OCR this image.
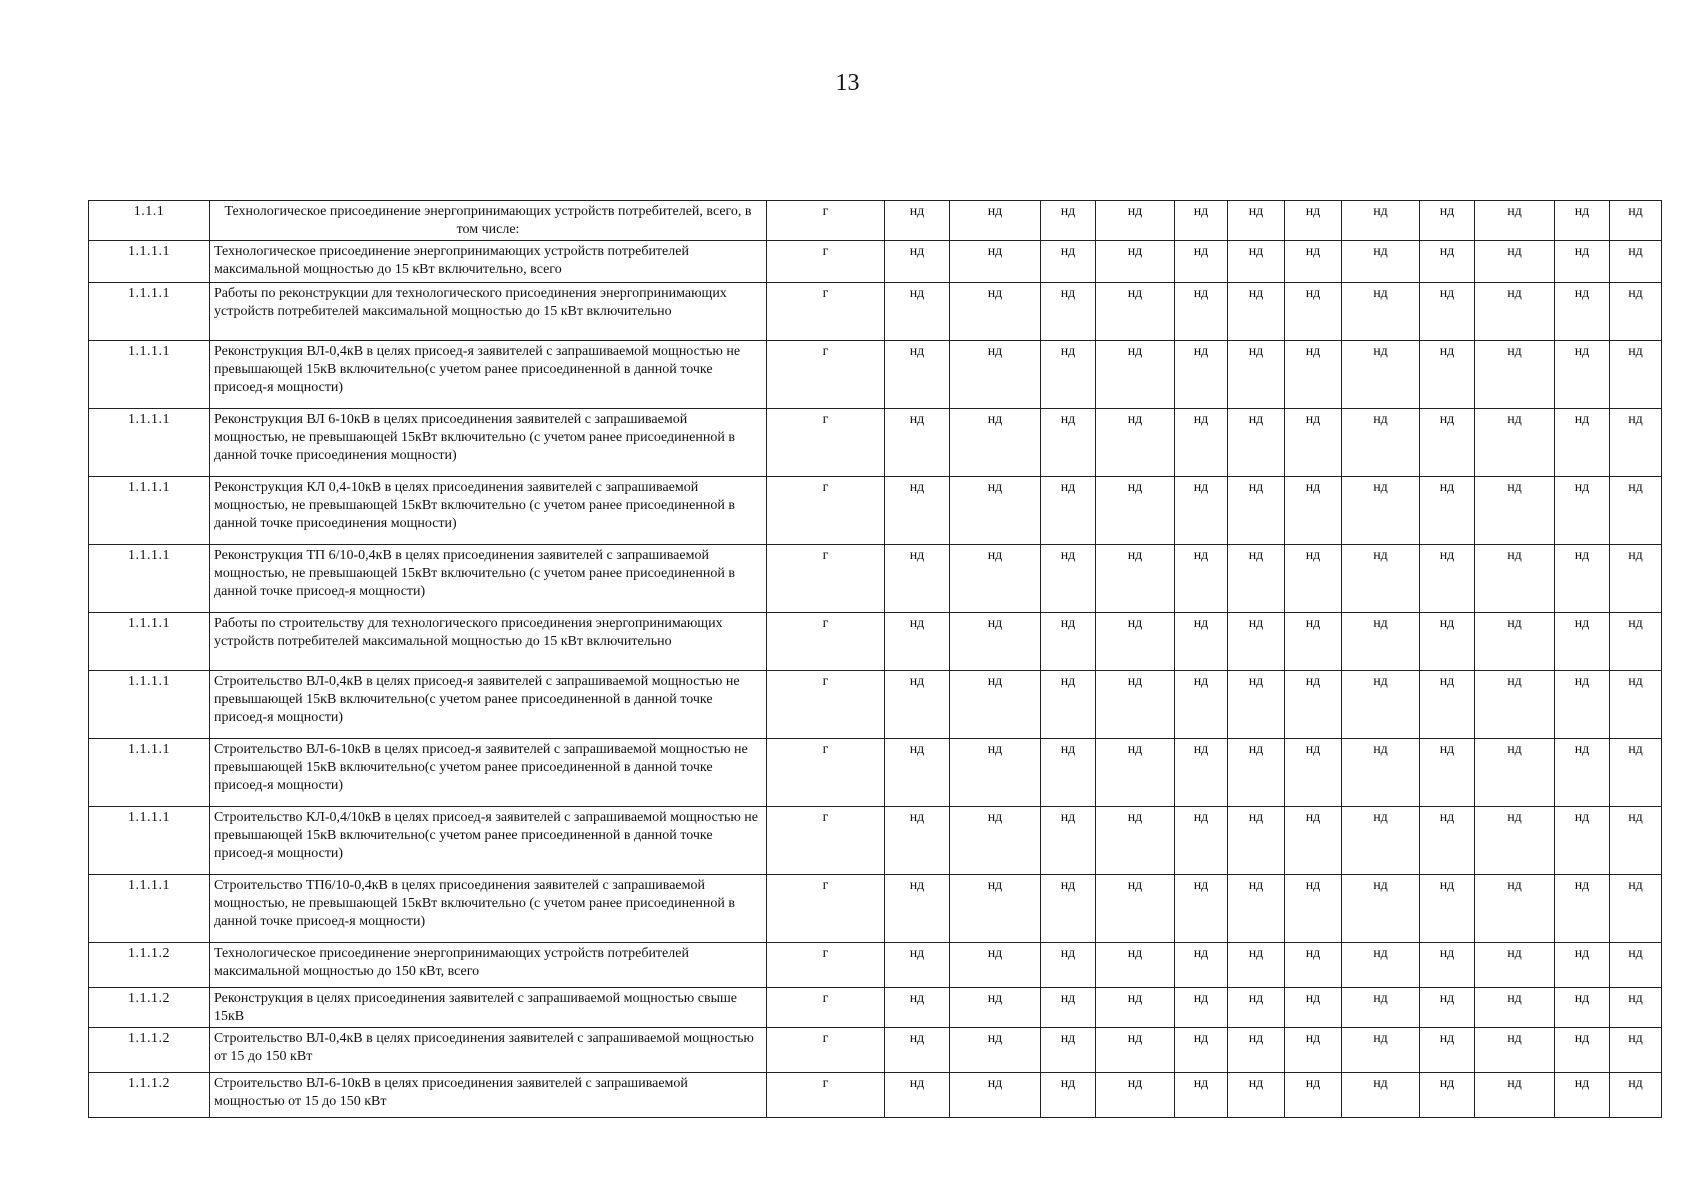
13
1.1.1	Технологическое присоединение энергопринимающих устройств потребителей, всего, в том числе:	г	нд	нд	нд	нд	нд	нд	нд	нд	нд	нд	нд	нд
1.1.1.1	Технологическое присоединение энергопринимающих устройств потребителей максимальной мощностью до 15 кВт включительно, всего	г	нд	нд	нд	нд	нд	нд	нд	нд	нд	нд	нд	нд
1.1.1.1	Работы по реконструкции для технологического присоединения энергопринимающих устройств потребителей максимальной мощностью до 15 кВт включительно	г	нд	нд	нд	нд	нд	нд	нд	нд	нд	нд	нд	нд
1.1.1.1	Реконструкция ВЛ-0,4кВ в целях присоед-я заявителей с запрашиваемой мощностью не превышающей 15кВ включительно(с учетом ранее присоединенной в данной точке присоед-я мощности)	г	нд	нд	нд	нд	нд	нд	нд	нд	нд	нд	нд	нд
1.1.1.1	Реконструкция ВЛ 6-10кВ в целях присоединения заявителей с запрашиваемой мощностью, не превышающей 15кВт включительно (с учетом ранее присоединенной в данной точке присоединения мощности)	г	нд	нд	нд	нд	нд	нд	нд	нд	нд	нд	нд	нд
1.1.1.1	Реконструкция КЛ 0,4-10кВ в целях присоединения заявителей с запрашиваемой мощностью, не превышающей 15кВт включительно (с учетом ранее присоединенной в данной точке присоединения мощности)	г	нд	нд	нд	нд	нд	нд	нд	нд	нд	нд	нд	нд
1.1.1.1	Реконструкция ТП 6/10-0,4кВ в целях присоединения заявителей с запрашиваемой мощностью, не превышающей 15кВт включительно (с учетом ранее присоединенной в данной точке присоед-я мощности)	г	нд	нд	нд	нд	нд	нд	нд	нд	нд	нд	нд	нд
1.1.1.1	Работы по строительству для технологического присоединения энергопринимающих устройств потребителей максимальной мощностью до 15 кВт включительно	г	нд	нд	нд	нд	нд	нд	нд	нд	нд	нд	нд	нд
1.1.1.1	Строительство ВЛ-0,4кВ в целях присоед-я заявителей с запрашиваемой мощностью не превышающей 15кВ включительно(с учетом ранее присоединенной в данной точке присоед-я мощности)	г	нд	нд	нд	нд	нд	нд	нд	нд	нд	нд	нд	нд
1.1.1.1	Строительство ВЛ-6-10кВ в целях присоед-я заявителей с запрашиваемой мощностью не превышающей 15кВ включительно(с учетом ранее присоединенной в данной точке присоед-я мощности)	г	нд	нд	нд	нд	нд	нд	нд	нд	нд	нд	нд	нд
1.1.1.1	Строительство КЛ-0,4/10кВ в целях присоед-я заявителей с запрашиваемой мощностью не превышающей 15кВ включительно(с учетом ранее присоединенной в данной точке присоед-я мощности)	г	нд	нд	нд	нд	нд	нд	нд	нд	нд	нд	нд	нд
1.1.1.1	Строительство ТП6/10-0,4кВ в целях присоединения заявителей с запрашиваемой мощностью, не превышающей 15кВт включительно (с учетом ранее присоединенной в данной точке присоед-я мощности)	г	нд	нд	нд	нд	нд	нд	нд	нд	нд	нд	нд	нд
1.1.1.2	Технологическое присоединение энергопринимающих устройств потребителей максимальной мощностью до 150 кВт, всего	г	нд	нд	нд	нд	нд	нд	нд	нд	нд	нд	нд	нд
1.1.1.2	Реконструкция в целях присоединения заявителей с запрашиваемой мощностью свыше 15кВ	г	нд	нд	нд	нд	нд	нд	нд	нд	нд	нд	нд	нд
1.1.1.2	Строительство ВЛ-0,4кВ в целях присоединения заявителей с запрашиваемой мощностью от 15 до 150 кВт	г	нд	нд	нд	нд	нд	нд	нд	нд	нд	нд	нд	нд
1.1.1.2	Строительство ВЛ-6-10кВ в целях присоединения заявителей с запрашиваемой мощностью от 15 до 150 кВт	г	нд	нд	нд	нд	нд	нд	нд	нд	нд	нд	нд	нд
